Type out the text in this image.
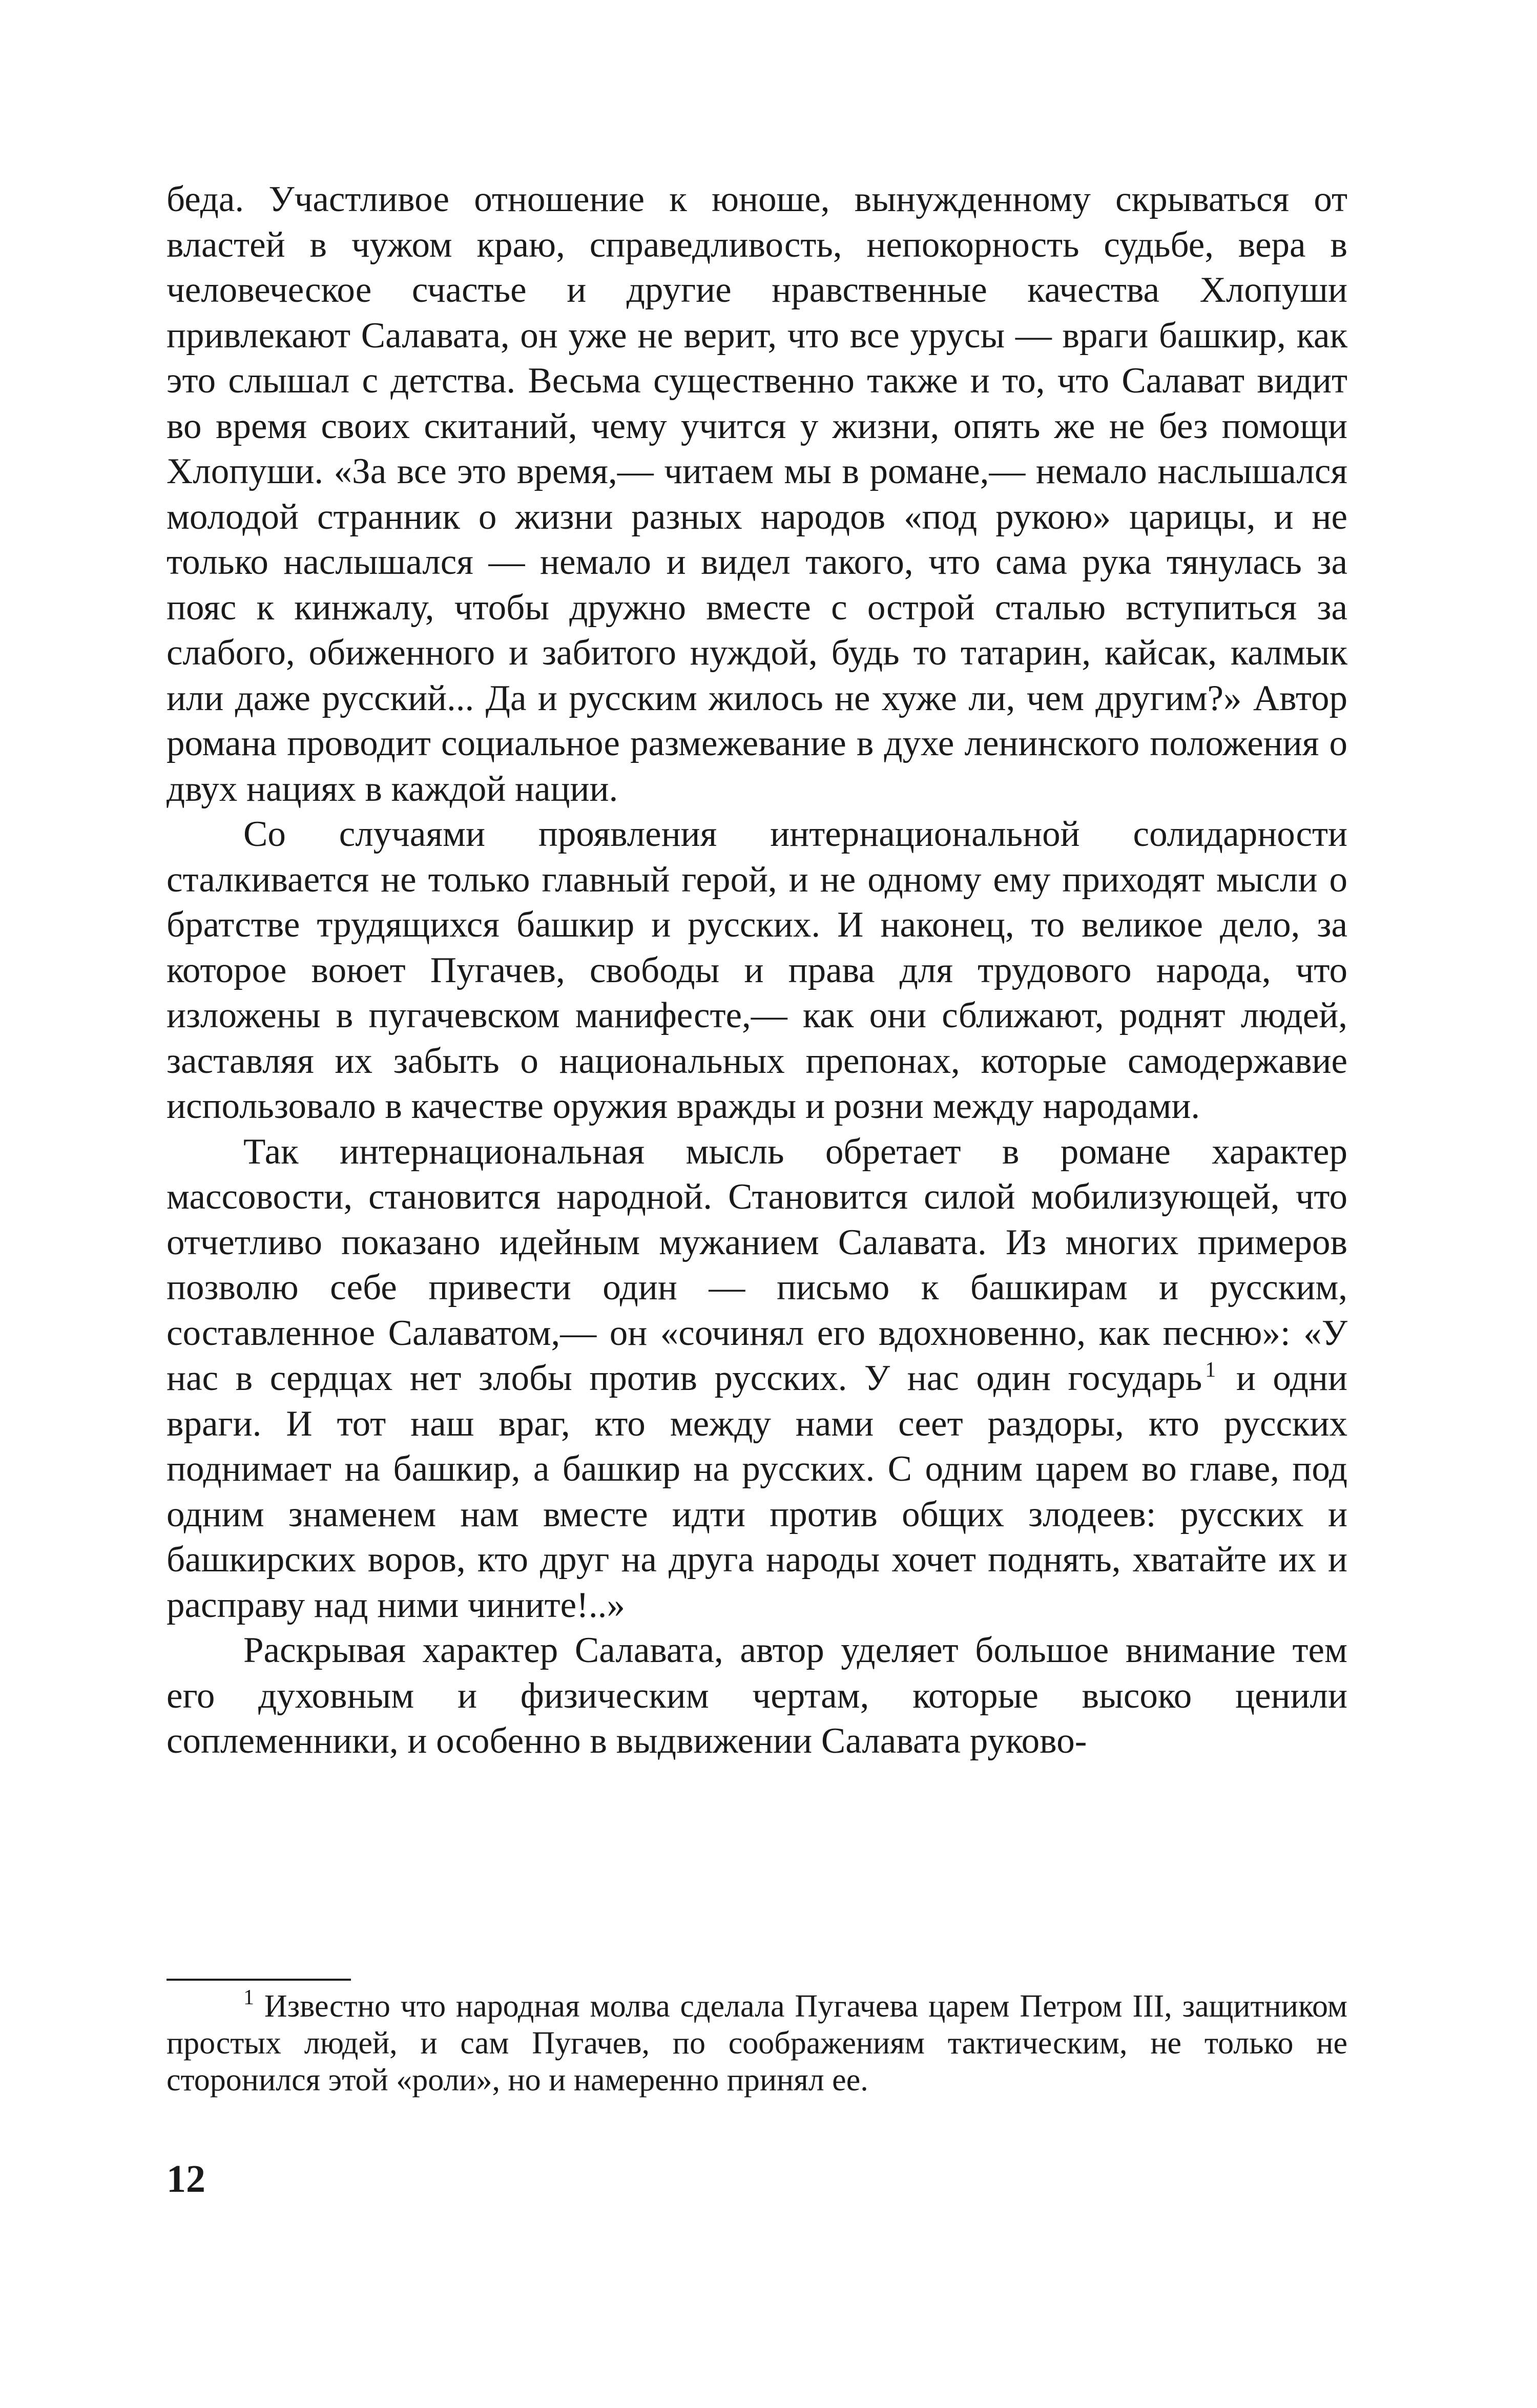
беда. Участливое отношение к юноше, вынужденному скрываться от властей в чужом краю, справедливость, непокорность судьбе, вера в человеческое счастье и другие нравственные качества Хлопуши привлекают Салавата, он уже не верит, что все урусы — враги башкир, как это слышал с детства. Весьма существенно также и то, что Салават видит во время своих скитаний, чему учится у жизни, опять же не без помощи Хлопуши. «За все это время,— читаем мы в романе,— немало наслышался молодой странник о жизни разных народов «под рукою» царицы, и не только наслышался — немало и видел такого, что сама рука тянулась за пояс к кинжалу, чтобы дружно вместе с острой сталью вступиться за слабого, обиженного и забитого нуждой, будь то татарин, кайсак, калмык или даже русский... Да и русским жилось не хуже ли, чем другим?» Автор романа проводит социальное размежевание в духе ленинского положения о двух нациях в каждой нации.

Со случаями проявления интернациональной солидарности сталкивается не только главный герой, и не одному ему приходят мысли о братстве трудящихся башкир и русских. И наконец, то великое дело, за которое воюет Пугачев, свободы и права для трудового народа, что изложены в пугачевском манифесте,— как они сближают, роднят людей, заставляя их забыть о национальных препонах, которые самодержавие использовало в качестве оружия вражды и розни между народами.

Так интернациональная мысль обретает в романе характер массовости, становится народной. Становится силой мобилизующей, что отчетливо показано идейным мужанием Салавата. Из многих примеров позволю себе привести один — письмо к башкирам и русским, составленное Салаватом,— он «сочинял его вдохновенно, как песню»: «У нас в сердцах нет злобы против русских. У нас один государь $^1$ и одни враги. И тот наш враг, кто между нами сеет раздоры, кто русских поднимает на башкир, а башкир на русских. С одним царем во главе, под одним знаменем нам вместе идти против общих злодеев: русских и башкирских воров, кто друг на друга народы хочет поднять, хватайте их и расправу над ними чините!..»

Раскрывая характер Салавата, автор уделяет большое внимание тем его духовным и физическим чертам, которые высоко ценили соплеменники, и особенно в выдвижении Салавата руково-

$^1$ Известно что народная молва сделала Пугачева царем Петром III, защитником простых людей, и сам Пугачев, по соображениям тактическим, не только не сторонился этой «роли», но и намеренно принял ее.

12
